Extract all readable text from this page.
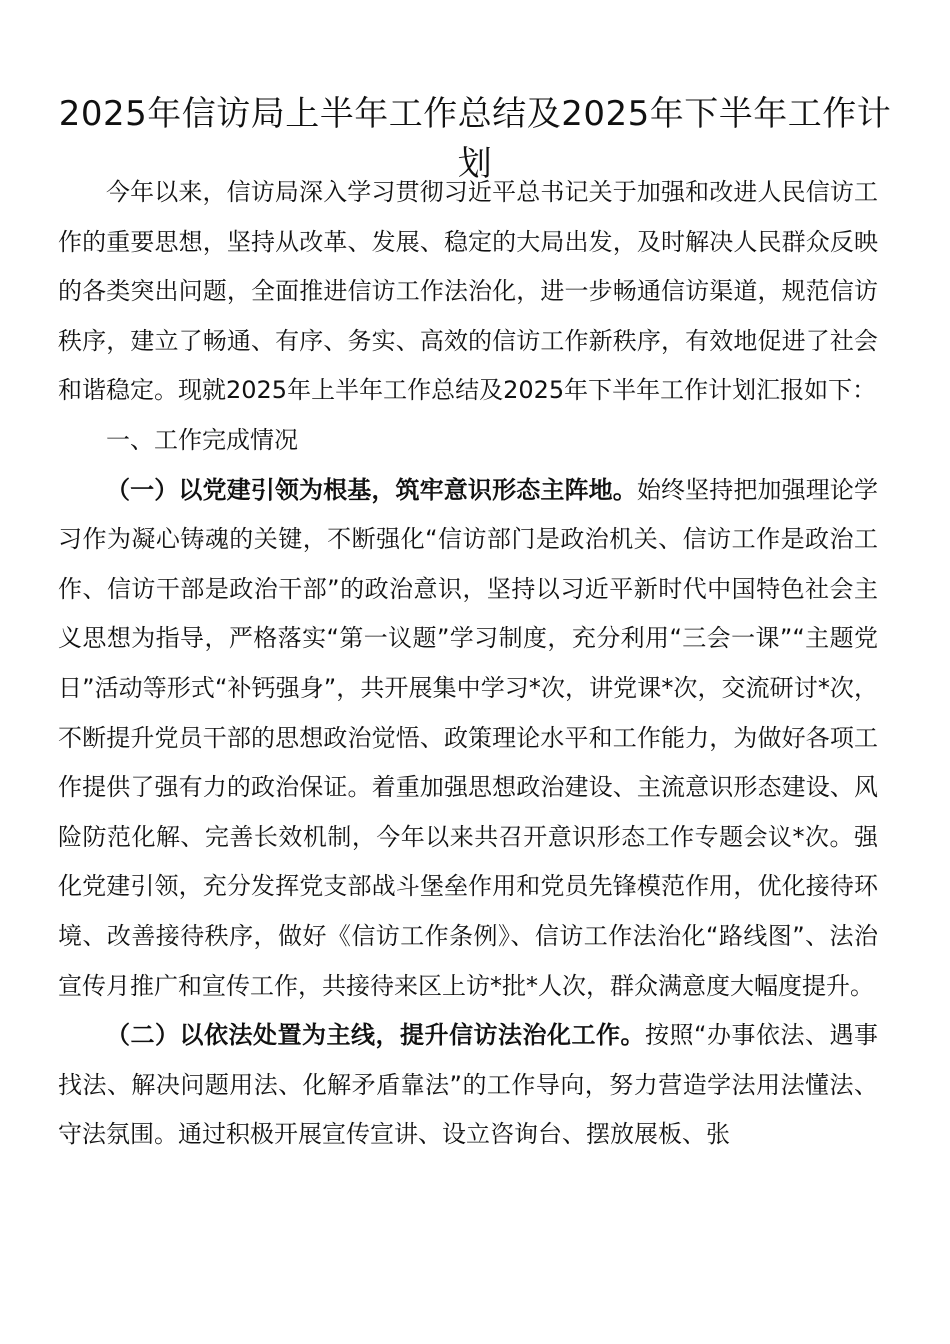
2025年信访局上半年工作总结及2025年下半年工作计划

今年以来，信访局深入学习贯彻习近平总书记关于加强和改进人民信访工作的重要思想，坚持从改革、发展、稳定的大局出发，及时解决人民群众反映的各类突出问题，全面推进信访工作法治化，进一步畅通信访渠道，规范信访秩序，建立了畅通、有序、务实、高效的信访工作新秩序，有效地促进了社会和谐稳定。现就2025年上半年工作总结及2025年下半年工作计划汇报如下：

一、工作完成情况

（一）以党建引领为根基，筑牢意识形态主阵地。始终坚持把加强理论学习作为凝心铸魂的关键，不断强化“信访部门是政治机关、信访工作是政治工作、信访干部是政治干部”的政治意识，坚持以习近平新时代中国特色社会主义思想为指导，严格落实“第一议题”学习制度，充分利用“三会一课”“主题党日”活动等形式“补钙强身”，共开展集中学习*次，讲党课*次，交流研讨*次，不断提升党员干部的思想政治觉悟、政策理论水平和工作能力，为做好各项工作提供了强有力的政治保证。着重加强思想政治建设、主流意识形态建设、风险防范化解、完善长效机制，今年以来共召开意识形态工作专题会议*次。强化党建引领，充分发挥党支部战斗堡垒作用和党员先锋模范作用，优化接待环境、改善接待秩序，做好《信访工作条例》、信访工作法治化“路线图”、法治宣传月推广和宣传工作，共接待来区上访*批*人次，群众满意度大幅度提升。

（二）以依法处置为主线，提升信访法治化工作。按照“办事依法、遇事找法、解决问题用法、化解矛盾靠法”的工作导向，努力营造学法用法懂法、守法氛围。通过积极开展宣传宣讲、设立咨询台、摆放展板、张
